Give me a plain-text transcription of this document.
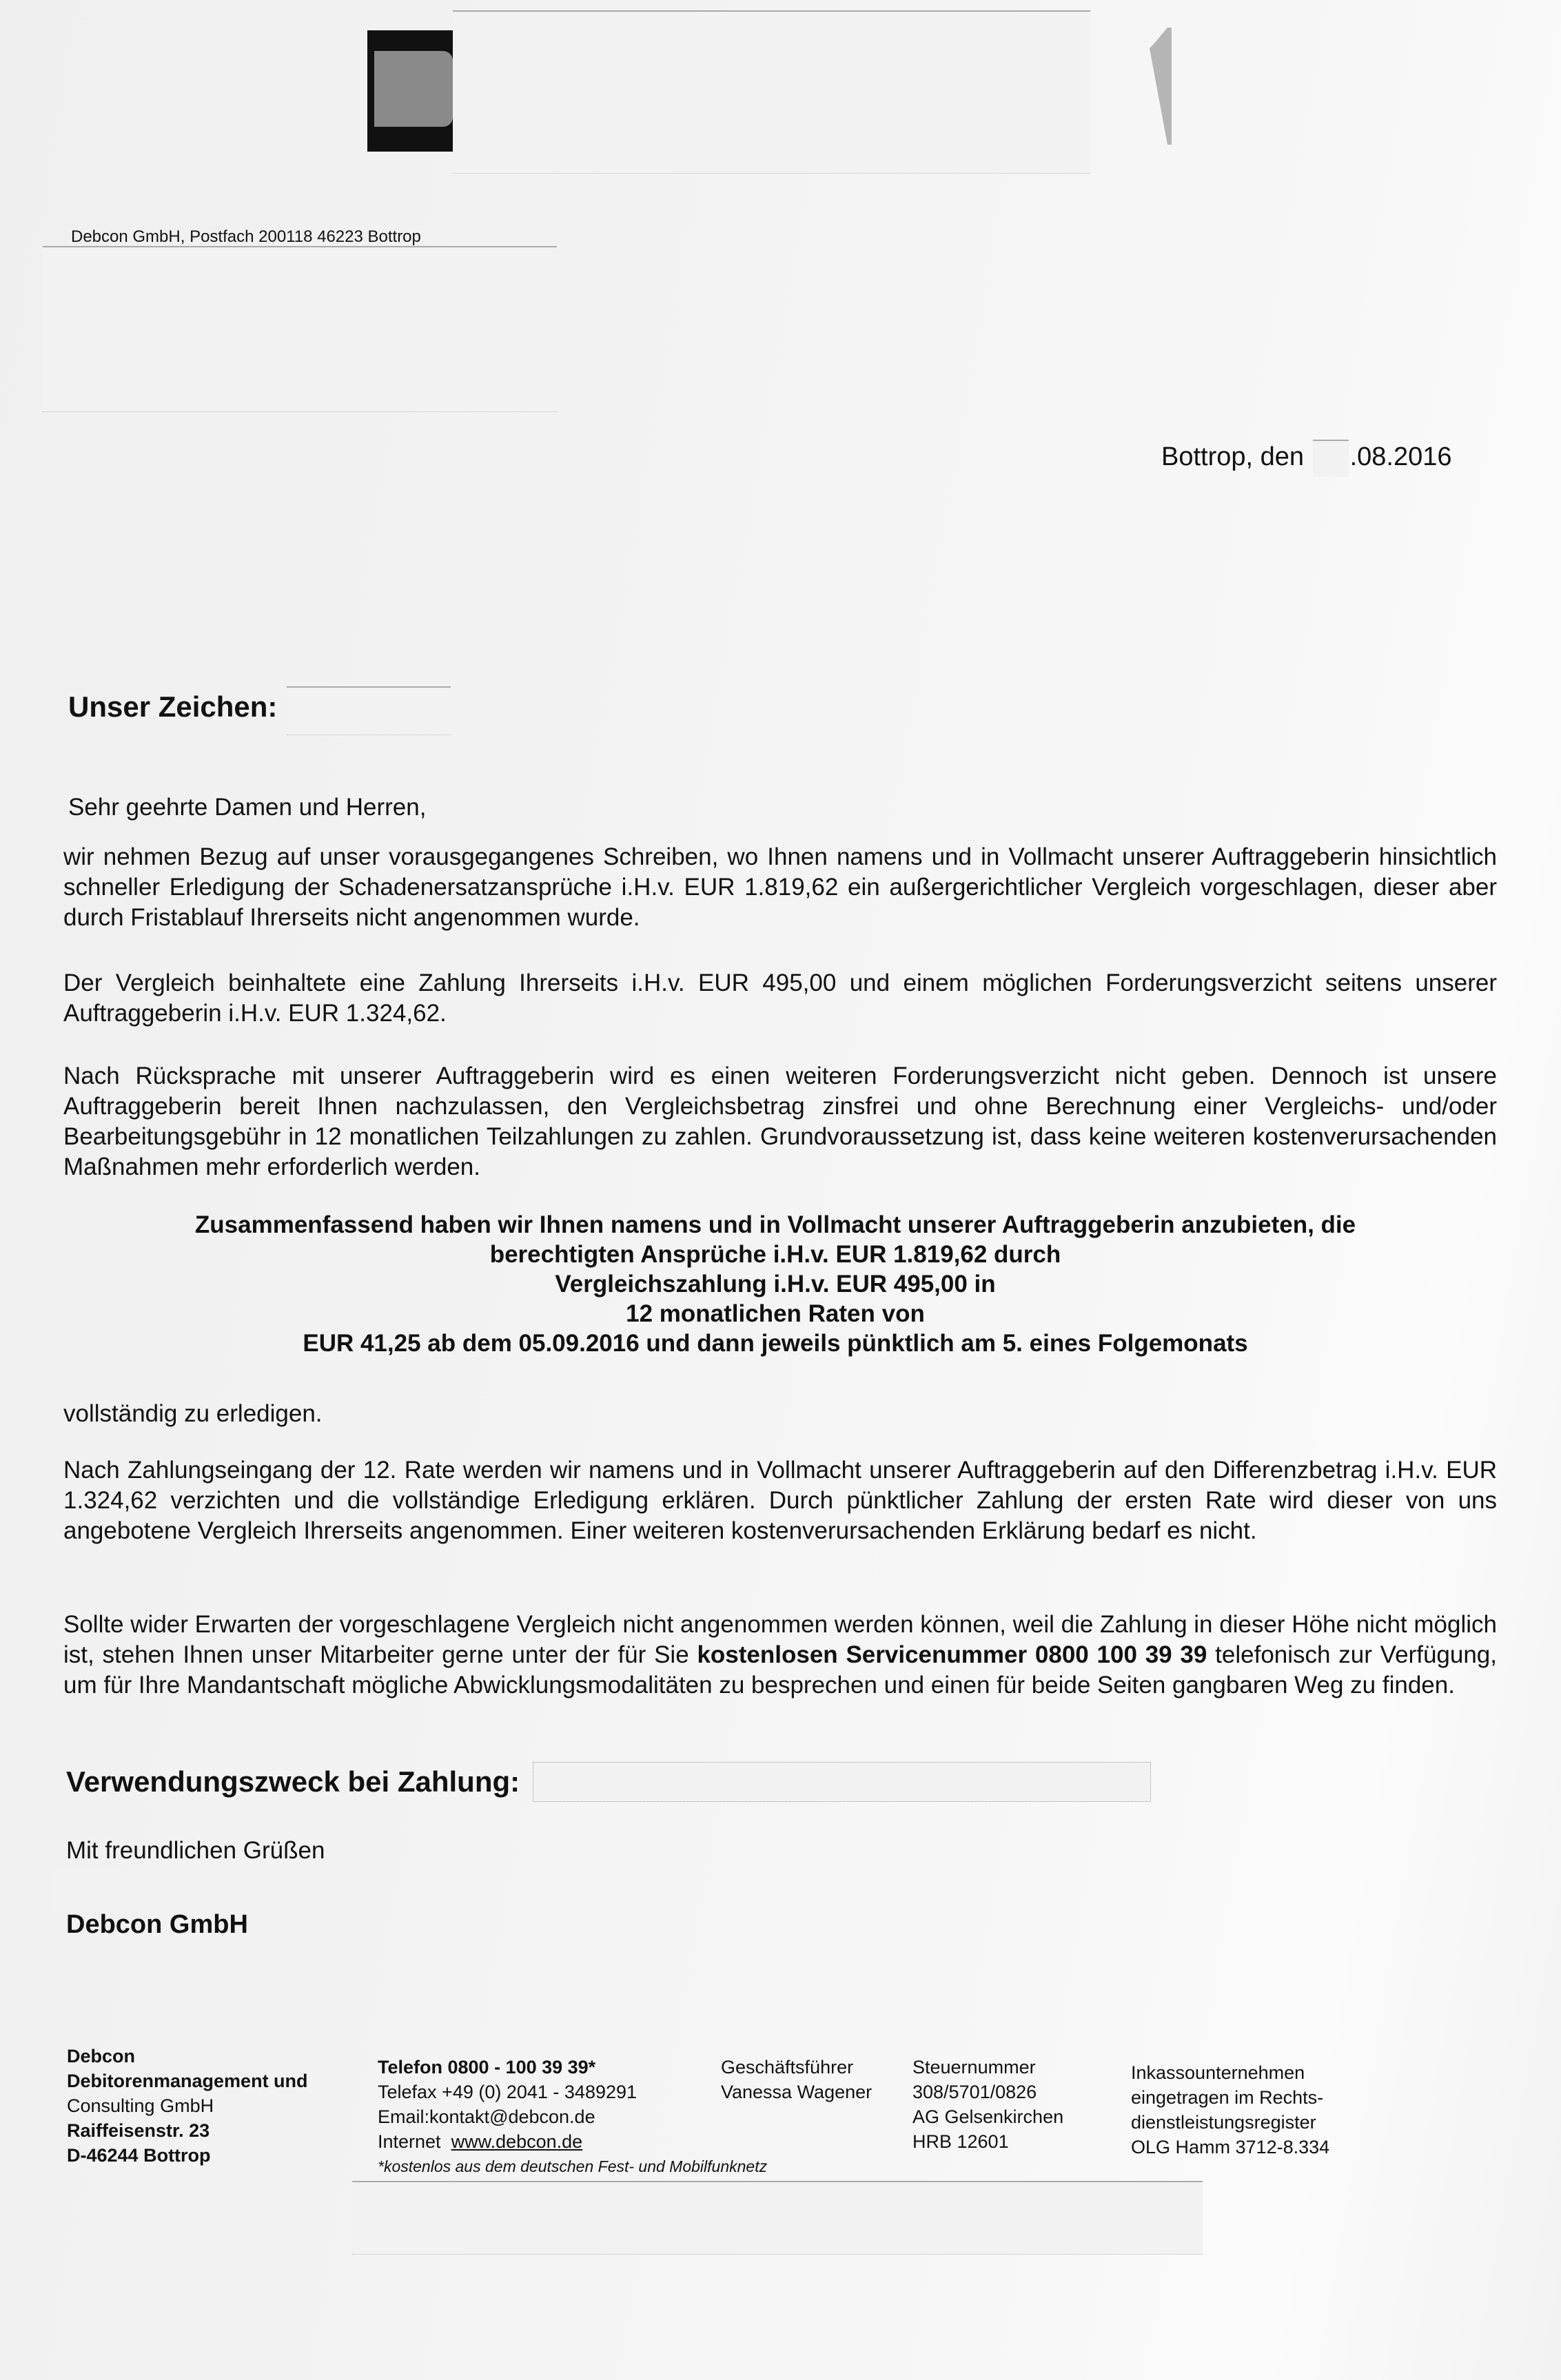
Debcon GmbH, Postfach 200118 46223 Bottrop
Bottrop, den .08.2016
Unser Zeichen:
Sehr geehrte Damen und Herren,

wir nehmen Bezug auf unser vorausgegangenes Schreiben, wo Ihnen namens und in Vollmacht unserer Auftraggeberin hinsichtlich schneller Erledigung der Schadenersatzansprüche i.H.v. EUR 1.819,62 ein außergerichtlicher Vergleich vorgeschlagen, dieser aber durch Fristablauf Ihrerseits nicht angenommen wurde.

Der Vergleich beinhaltete eine Zahlung Ihrerseits i.H.v. EUR 495,00 und einem möglichen Forderungsverzicht seitens unserer Auftraggeberin i.H.v. EUR 1.324,62.

Nach Rücksprache mit unserer Auftraggeberin wird es einen weiteren Forderungsverzicht nicht geben. Dennoch ist unsere Auftraggeberin bereit Ihnen nachzulassen, den Vergleichsbetrag zinsfrei und ohne Berechnung einer Vergleichs- und/oder Bearbeitungsgebühr in 12 monatlichen Teilzahlungen zu zahlen. Grundvoraussetzung ist, dass keine weiteren kostenverursachenden Maßnahmen mehr erforderlich werden.

Zusammenfassend haben wir Ihnen namens und in Vollmacht unserer Auftraggeberin anzubieten, die
berechtigten Ansprüche i.H.v. EUR 1.819,62 durch
Vergleichszahlung i.H.v. EUR 495,00 in
12 monatlichen Raten von
EUR 41,25 ab dem 05.09.2016 und dann jeweils pünktlich am 5. eines Folgemonats
vollständig zu erledigen.

Nach Zahlungseingang der 12. Rate werden wir namens und in Vollmacht unserer Auftraggeberin auf den Differenzbetrag i.H.v. EUR 1.324,62 verzichten und die vollständige Erledigung erklären. Durch pünktlicher Zahlung der ersten Rate wird dieser von uns angebotene Vergleich Ihrerseits angenommen. Einer weiteren kostenverursachenden Erklärung bedarf es nicht.

Sollte wider Erwarten der vorgeschlagene Vergleich nicht angenommen werden können, weil die Zahlung in dieser Höhe nicht möglich ist, stehen Ihnen unser Mitarbeiter gerne unter der für Sie kostenlosen Servicenummer 0800 100 39 39 telefonisch zur Verfügung, um für Ihre Mandantschaft mögliche Abwicklungsmodalitäten zu besprechen und einen für beide Seiten gangbaren Weg zu finden.

Verwendungszweck bei Zahlung:
Mit freundlichen Grüßen
Debcon GmbH
Debcon
Debitorenmanagement und
Consulting GmbH
Raiffeisenstr. 23
D-46244 Bottrop
Telefon 0800 - 100 39 39*
Telefax +49 (0) 2041 - 3489291
Email:kontakt@debcon.de
Internet www.debcon.de
*kostenlos aus dem deutschen Fest- und Mobilfunknetz
Geschäftsführer
Vanessa Wagener
Steuernummer
308/5701/0826
AG Gelsenkirchen
HRB 12601
Inkassounternehmen
eingetragen im Rechts-
dienstleistungsregister
OLG Hamm 3712-8.334
